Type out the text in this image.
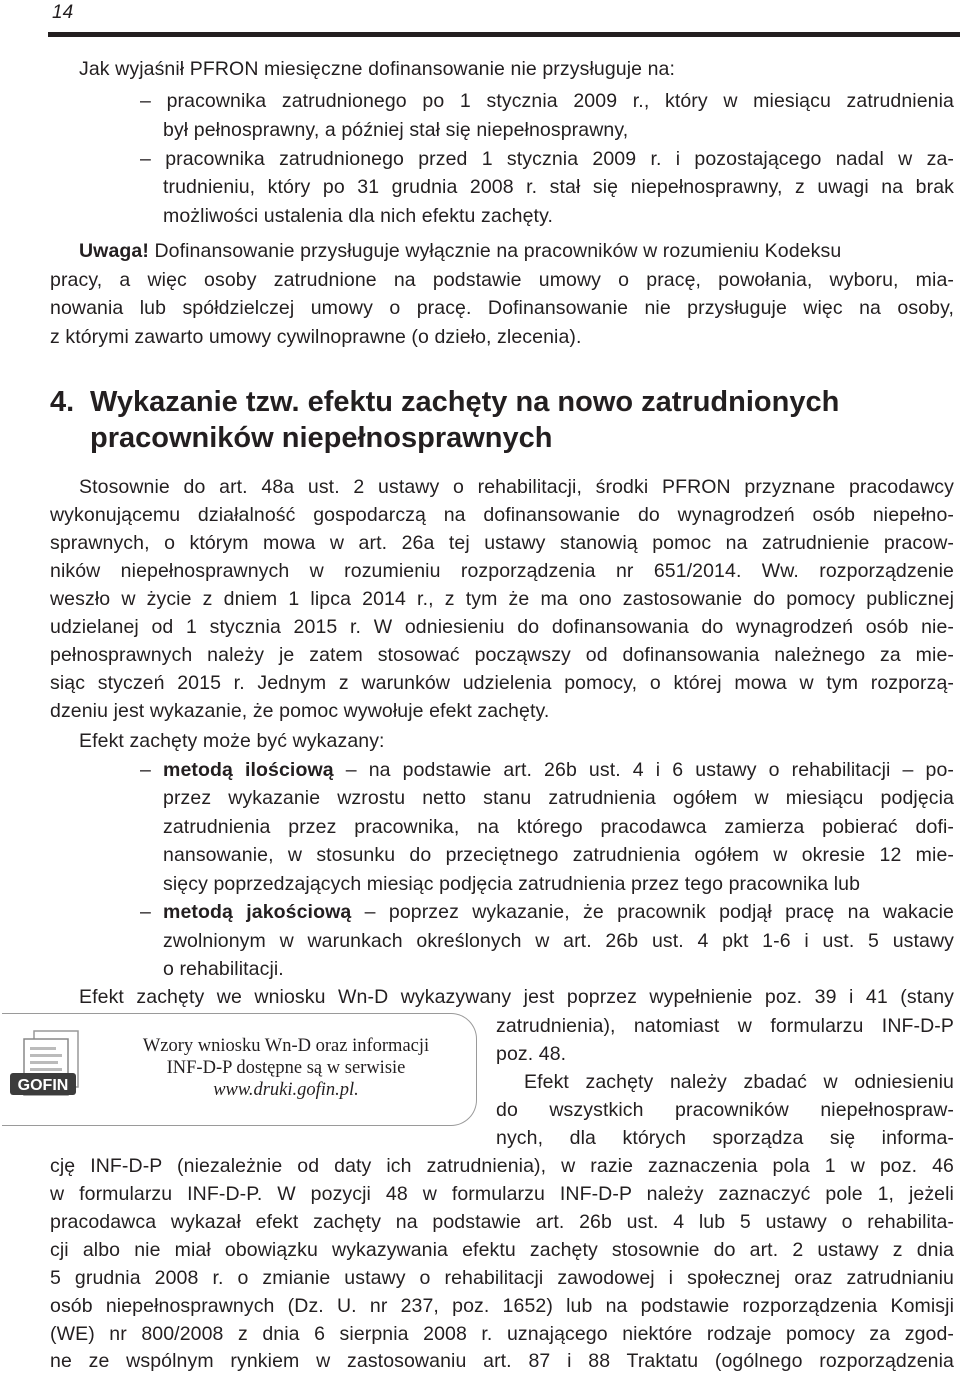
14
Jak wyjaśnił PFRON miesięczne dofinansowanie nie przysługuje na:
– pracownika zatrudnionego po 1 stycznia 2009 r., który w miesiącu zatrudnienia
był pełnosprawny, a później stał się niepełnosprawny,
– pracownika zatrudnionego przed 1 stycznia 2009 r. i pozostającego nadal w za-
trudnieniu, który po 31 grudnia 2008 r. stał się niepełnosprawny, z uwagi na brak
możliwości ustalenia dla nich efektu zachęty.
Uwaga! Dofinansowanie przysługuje wyłącznie na pracowników w rozumieniu Kodeksu
pracy, a więc osoby zatrudnione na podstawie umowy o pracę, powołania, wyboru, mia-
nowania lub spółdzielczej umowy o pracę. Dofinansowanie nie przysługuje więc na osoby,
z którymi zawarto umowy cywilnoprawne (o dzieło, zlecenia).
4. Wykazanie tzw. efektu zachęty na nowo zatrudnionych
pracowników niepełnosprawnych
Stosownie do art. 48a ust. 2 ustawy o rehabilitacji, środki PFRON przyznane pracodawcy
wykonującemu działalność gospodarczą na dofinansowanie do wynagrodzeń osób niepełno-
sprawnych, o którym mowa w art. 26a tej ustawy stanowią pomoc na zatrudnienie pracow-
ników niepełnosprawnych w rozumieniu rozporządzenia nr 651/2014. Ww. rozporządzenie
weszło w życie z dniem 1 lipca 2014 r., z tym że ma ono zastosowanie do pomocy publicznej
udzielanej od 1 stycznia 2015 r. W odniesieniu do dofinansowania do wynagrodzeń osób nie-
pełnosprawnych należy je zatem stosować począwszy od dofinansowania należnego za mie-
siąc styczeń 2015 r. Jednym z warunków udzielenia pomocy, o której mowa w tym rozporzą-
dzeniu jest wykazanie, że pomoc wywołuje efekt zachęty.
Efekt zachęty może być wykazany:
– metodą ilościową – na podstawie art. 26b ust. 4 i 6 ustawy o rehabilitacji – po-
przez wykazanie wzrostu netto stanu zatrudnienia ogółem w miesiącu podjęcia
zatrudnienia przez pracownika, na którego pracodawca zamierza pobierać dofi-
nansowanie, w stosunku do przeciętnego zatrudnienia ogółem w okresie 12 mie-
sięcy poprzedzających miesiąc podjęcia zatrudnienia przez tego pracownika lub
– metodą jakościową – poprzez wykazanie, że pracownik podjął pracę na wakacie
zwolnionym w warunkach określonych w art. 26b ust. 4 pkt 1-6 i ust. 5 ustawy
o rehabilitacji.
Efekt zachęty we wniosku Wn-D wykazywany jest poprzez wypełnienie poz. 39 i 41 (stany
zatrudnienia), natomiast w formularzu INF-D-P
poz. 48.
Efekt zachęty należy zbadać w odniesieniu
do wszystkich pracowników niepełnospraw-
nych, dla których sporządza się informa-
cję INF-D-P (niezależnie od daty ich zatrudnienia), w razie zaznaczenia pola 1 w poz. 46
w formularzu INF-D-P. W pozycji 48 w formularzu INF-D-P należy zaznaczyć pole 1, jeżeli
pracodawca wykazał efekt zachęty na podstawie art. 26b ust. 4 lub 5 ustawy o rehabilita-
cji albo nie miał obowiązku wykazywania efektu zachęty stosownie do art. 2 ustawy z dnia
5 grudnia 2008 r. o zmianie ustawy o rehabilitacji zawodowej i społecznej oraz zatrudnianiu
osób niepełnosprawnych (Dz. U. nr 237, poz. 1652) lub na podstawie rozporządzenia Komisji
(WE) nr 800/2008 z dnia 6 sierpnia 2008 r. uznającego niektóre rodzaje pomocy za zgod-
ne ze wspólnym rynkiem w zastosowaniu art. 87 i 88 Traktatu (ogólnego rozporządzenia
GOFIN
Wzory wniosku Wn-D oraz informacji
INF-D-P dostępne są w serwisie
www.druki.gofin.pl.
